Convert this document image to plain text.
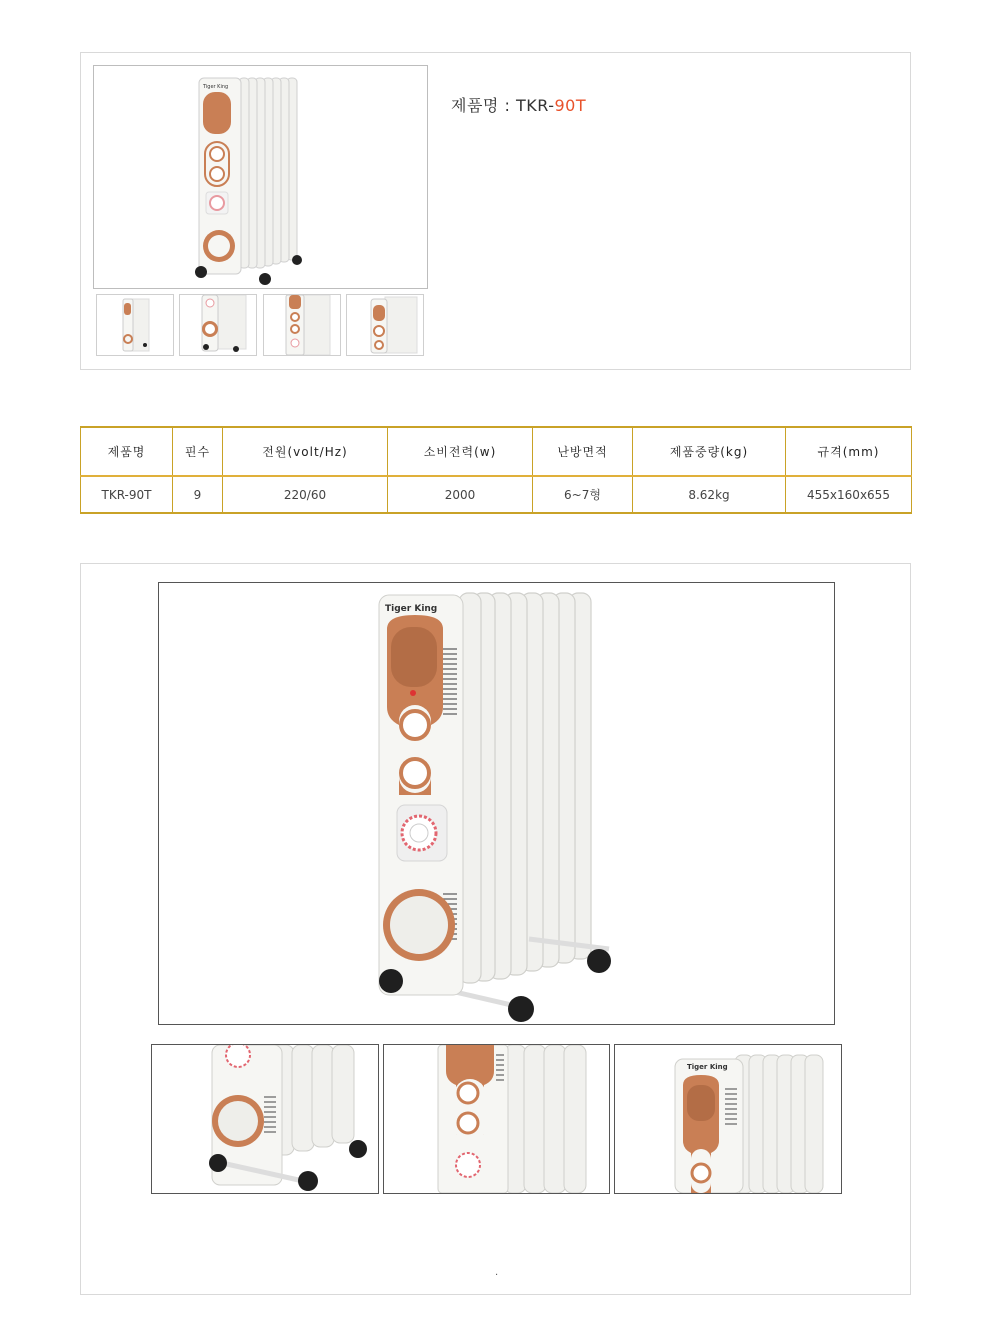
Tiger King
제품명 : TKR-90T
제품명	핀수	전원(volt/Hz)	소비전력(w)	난방면적	제품중량(kg)	규격(mm)
TKR-90T	9	220/60	2000	6~7형	8.62kg	455x160x655
Tiger King
Tiger King
.
